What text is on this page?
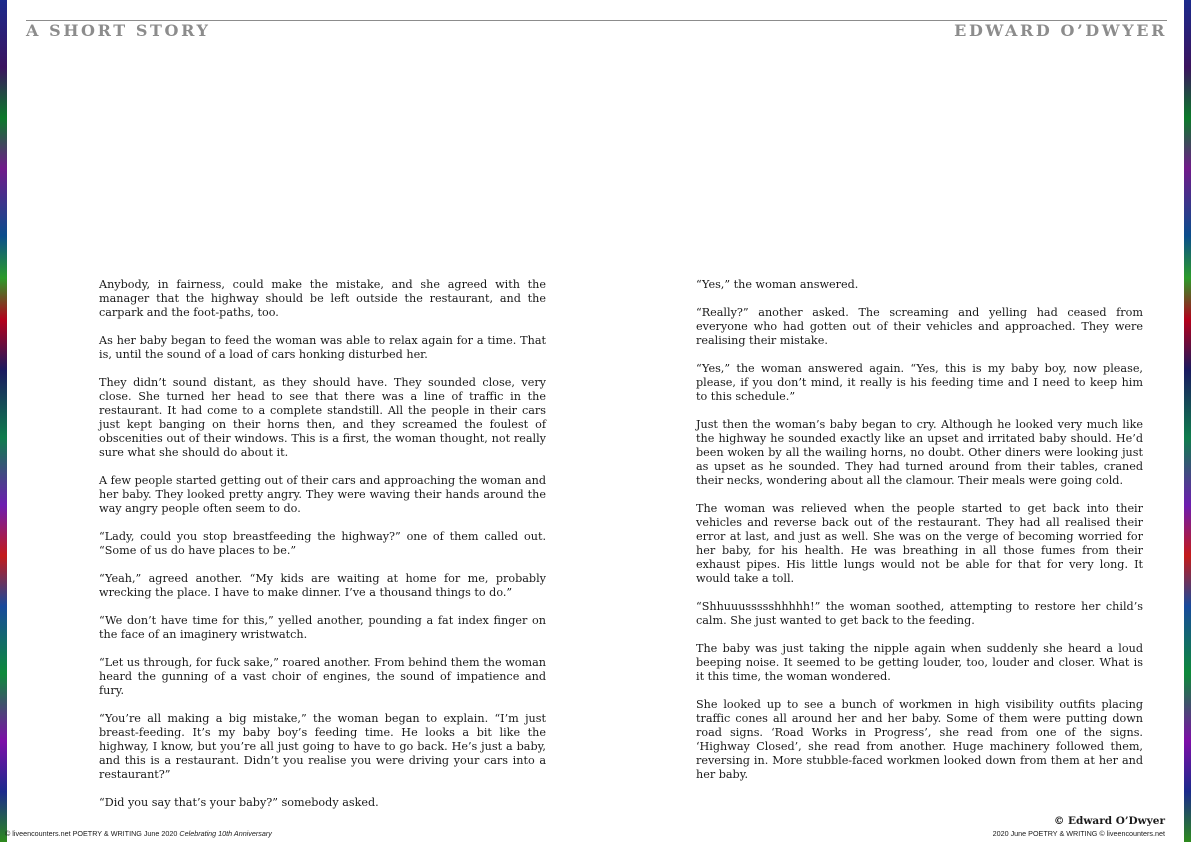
A SHORT STORY	EDWARD O’DWYER

Anybody, in fairness, could make the mistake, and she agreed with the manager that the highway should be left outside the restaurant, and the carpark and the foot-paths, too.

As her baby began to feed the woman was able to relax again for a time. That is, until the sound of a load of cars honking disturbed her.

They didn’t sound distant, as they should have. They sounded close, very close. She turned her head to see that there was a line of traffic in the restaurant. It had come to a complete standstill. All the people in their cars just kept banging on their horns then, and they screamed the foulest of obscenities out of their windows. This is a first, the woman thought, not really sure what she should do about it.

A few people started getting out of their cars and approaching the woman and her baby. They looked pretty angry. They were waving their hands around the way angry people often seem to do.

“Lady, could you stop breastfeeding the highway?” one of them called out. “Some of us do have places to be.”

“Yeah,” agreed another. “My kids are waiting at home for me, probably wrecking the place. I have to make dinner. I’ve a thousand things to do.”

“We don’t have time for this,” yelled another, pounding a fat index finger on the face of an imaginery wristwatch.

“Let us through, for fuck sake,” roared another. From behind them the woman heard the gunning of a vast choir of engines, the sound of impatience and fury.

“You’re all making a big mistake,” the woman began to explain. “I’m just breast-feeding. It’s my baby boy’s feeding time. He looks a bit like the highway, I know, but you’re all just going to have to go back. He’s just a baby, and this is a restaurant. Didn’t you realise you were driving your cars into a restaurant?”

“Did you say that’s your baby?” somebody asked.

“Yes,” the woman answered.

“Really?” another asked. The screaming and yelling had ceased from everyone who had gotten out of their vehicles and approached. They were realising their mistake.

“Yes,” the woman answered again. “Yes, this is my baby boy, now please, please, if you don’t mind, it really is his feeding time and I need to keep him to this schedule.”

Just then the woman’s baby began to cry. Although he looked very much like the highway he sounded exactly like an upset and irritated baby should. He’d been woken by all the wailing horns, no doubt. Other diners were looking just as upset as he sounded. They had turned around from their tables, craned their necks, wondering about all the clamour. Their meals were going cold.

The woman was relieved when the people started to get back into their vehicles and reverse back out of the restaurant. They had all realised their error at last, and just as well. She was on the verge of becoming worried for her baby, for his health. He was breathing in all those fumes from their exhaust pipes. His little lungs would not be able for that for very long. It would take a toll.

“Shhuuussssshhhhh!” the woman soothed, attempting to restore her child’s calm. She just wanted to get back to the feeding.

The baby was just taking the nipple again when suddenly she heard a loud beeping noise. It seemed to be getting louder, too, louder and closer. What is it this time, the woman wondered.

She looked up to see a bunch of workmen in high visibility outfits placing traffic cones all around her and her baby. Some of them were putting down road signs. ‘Road Works in Progress’, she read from one of the signs. ‘Highway Closed’, she read from another. Huge machinery followed them, reversing in. More stubble-faced workmen looked down from them at her and her baby.

© liveencounters.net POETRY & WRITING June 2020 Celebrating 10th Anniversary
© Edward O’Dwyer
2020 June POETRY & WRITING © liveencounters.net
